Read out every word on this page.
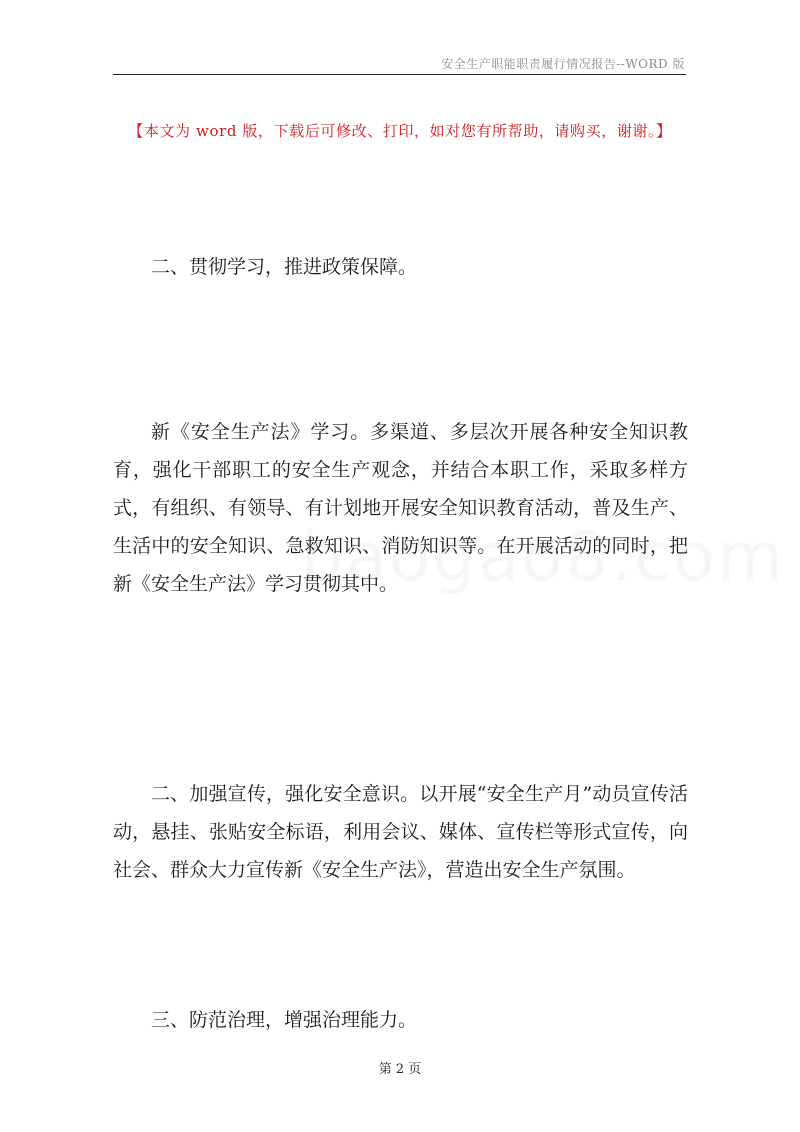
安全生产职能职责履行情况报告--WORD 版
【本文为 word 版，下载后可修改、打印，如对您有所帮助，请购买，谢谢。】

二、贯彻学习，推进政策保障。

新《安全生产法》学习。多渠道、多层次开展各种安全知识教育，强化干部职工的安全生产观念，并结合本职工作，采取多样方式，有组织、有领导、有计划地开展安全知识教育活动，普及生产、生活中的安全知识、急救知识、消防知识等。在开展活动的同时，把新《安全生产法》学习贯彻其中。

二、加强宣传，强化安全意识。以开展“安全生产月”动员宣传活动，悬挂、张贴安全标语，利用会议、媒体、宣传栏等形式宣传，向社会、群众大力宣传新《安全生产法》，营造出安全生产氛围。

三、防范治理，增强治理能力。

第 2 页
